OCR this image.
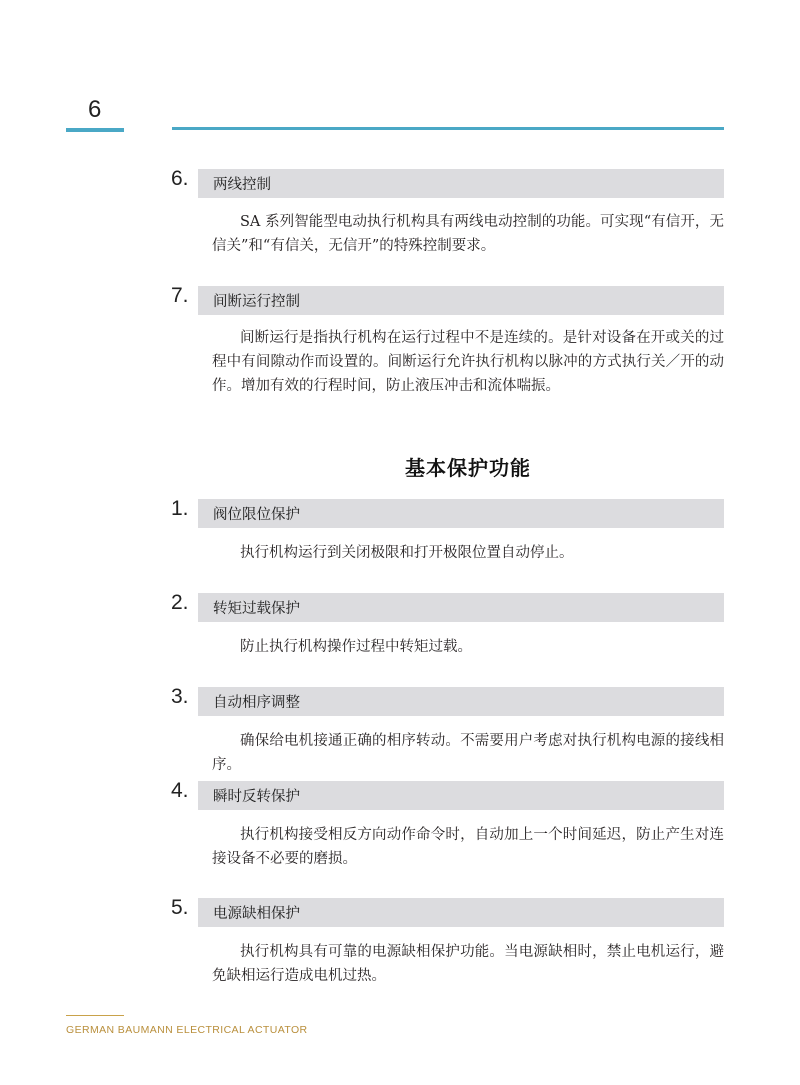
6
6. 两线控制

SA 系列智能型电动执行机构具有两线电动控制的功能。可实现“有信开，无信关”和“有信关，无信开”的特殊控制要求。

7. 间断运行控制

间断运行是指执行机构在运行过程中不是连续的。是针对设备在开或关的过程中有间隙动作而设置的。间断运行允许执行机构以脉冲的方式执行关／开的动作。增加有效的行程时间，防止液压冲击和流体喘振。

基本保护功能
1. 阀位限位保护

执行机构运行到关闭极限和打开极限位置自动停止。

2. 转矩过载保护

防止执行机构操作过程中转矩过载。

3. 自动相序调整

确保给电机接通正确的相序转动。不需要用户考虑对执行机构电源的接线相序。

4. 瞬时反转保护

执行机构接受相反方向动作命令时，自动加上一个时间延迟，防止产生对连接设备不必要的磨损。

5. 电源缺相保护

执行机构具有可靠的电源缺相保护功能。当电源缺相时，禁止电机运行，避免缺相运行造成电机过热。

GERMAN BAUMANN ELECTRICAL ACTUATOR
